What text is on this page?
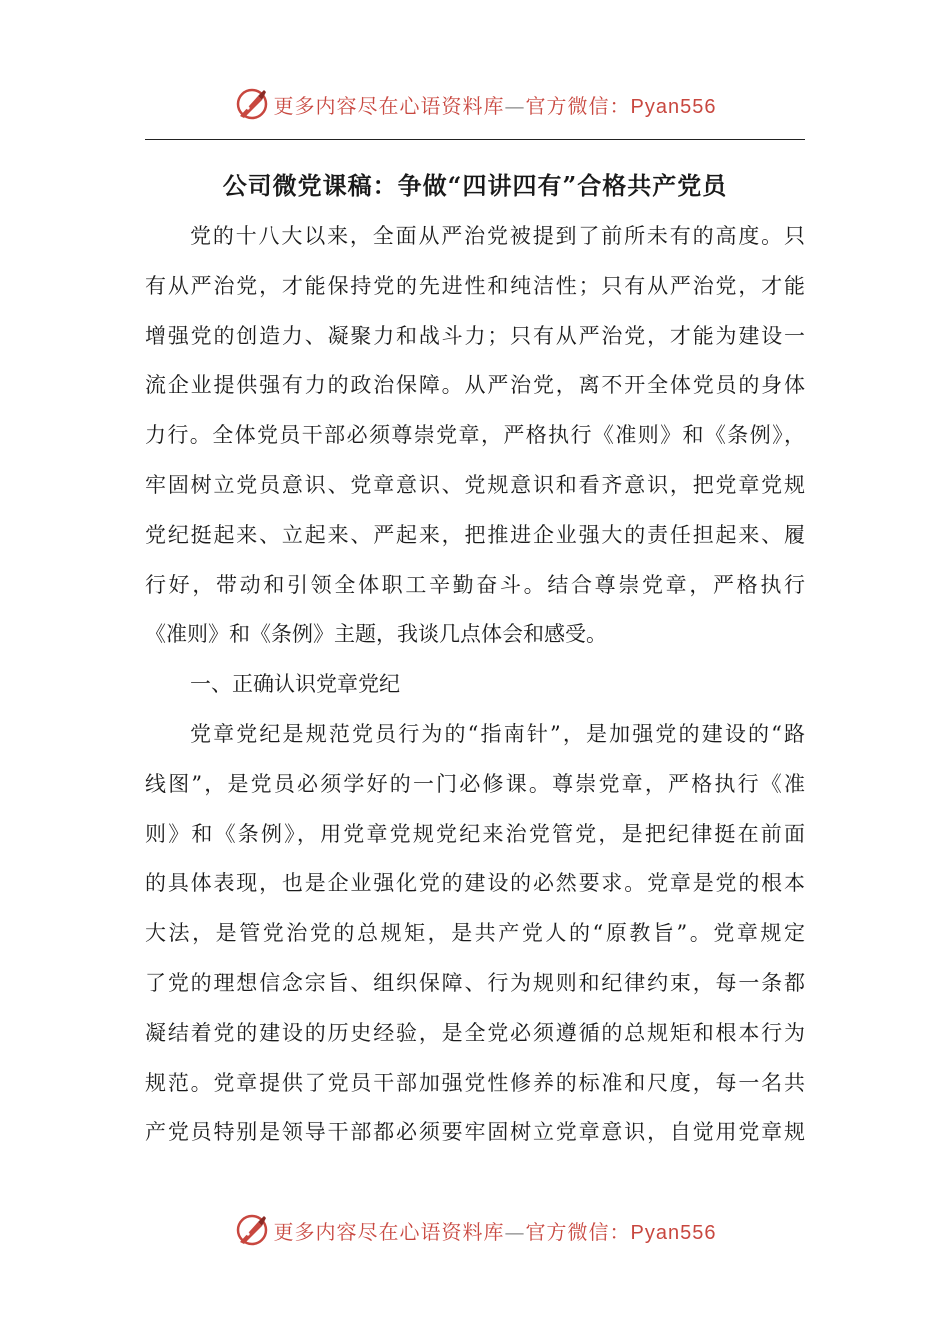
更多内容尽在心语资料库—官方微信：Pyan556
公司微党课稿：争做“四讲四有”合格共产党员
党的十八大以来，全面从严治党被提到了前所未有的高度。只
有从严治党，才能保持党的先进性和纯洁性；只有从严治党，才能
增强党的创造力、凝聚力和战斗力；只有从严治党，才能为建设一
流企业提供强有力的政治保障。从严治党，离不开全体党员的身体
力行。全体党员干部必须尊崇党章，严格执行《准则》和《条例》，
牢固树立党员意识、党章意识、党规意识和看齐意识，把党章党规
党纪挺起来、立起来、严起来，把推进企业强大的责任担起来、履
行好，带动和引领全体职工辛勤奋斗。结合尊崇党章，严格执行
《准则》和《条例》主题，我谈几点体会和感受。
一、正确认识党章党纪
党章党纪是规范党员行为的“指南针”，是加强党的建设的“路
线图”，是党员必须学好的一门必修课。尊崇党章，严格执行《准
则》和《条例》，用党章党规党纪来治党管党，是把纪律挺在前面
的具体表现，也是企业强化党的建设的必然要求。党章是党的根本
大法，是管党治党的总规矩，是共产党人的“原教旨”。党章规定
了党的理想信念宗旨、组织保障、行为规则和纪律约束，每一条都
凝结着党的建设的历史经验，是全党必须遵循的总规矩和根本行为
规范。党章提供了党员干部加强党性修养的标准和尺度，每一名共
产党员特别是领导干部都必须要牢固树立党章意识，自觉用党章规
更多内容尽在心语资料库—官方微信：Pyan556
